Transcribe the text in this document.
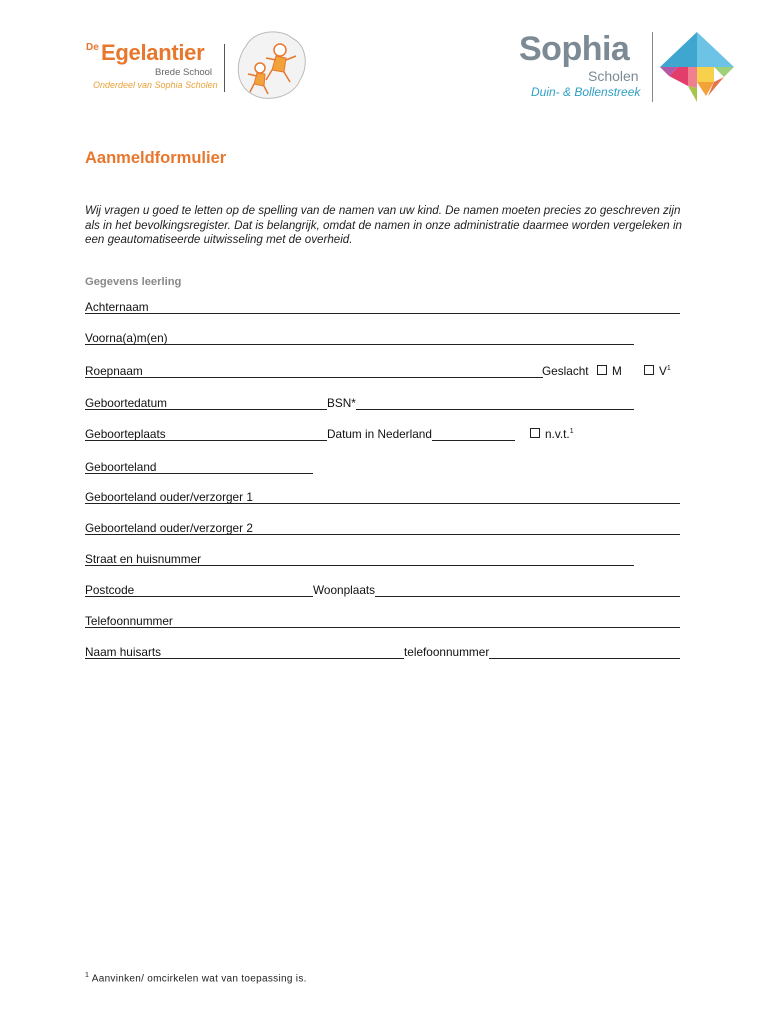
De Egelantier
Brede School
Onderdeel van Sophia Scholen
Sophia
Scholen
Duin- & Bollenstreek
Aanmeldformulier
Wij vragen u goed te letten op de spelling van de namen van uw kind. De namen moeten precies zo geschreven zijn als in het bevolkingsregister. Dat is belangrijk, omdat de namen in onze administratie daarmee worden vergeleken in een geautomatiseerde uitwisseling met de overheid.
Gegevens leerling
Achternaam
Voorna(a)m(en)
Roepnaam	Geslacht	M	$V^1$
Geboortedatum	BSN*
Geboorteplaats	Datum in Nederland	n.v.t.$^1$
Geboorteland
Geboorteland ouder/verzorger 1
Geboorteland ouder/verzorger 2
Straat en huisnummer
Postcode	Woonplaats
Telefoonnummer
Naam huisarts	telefoonnummer
$^1$ Aanvinken/ omcirkelen wat van toepassing is.
